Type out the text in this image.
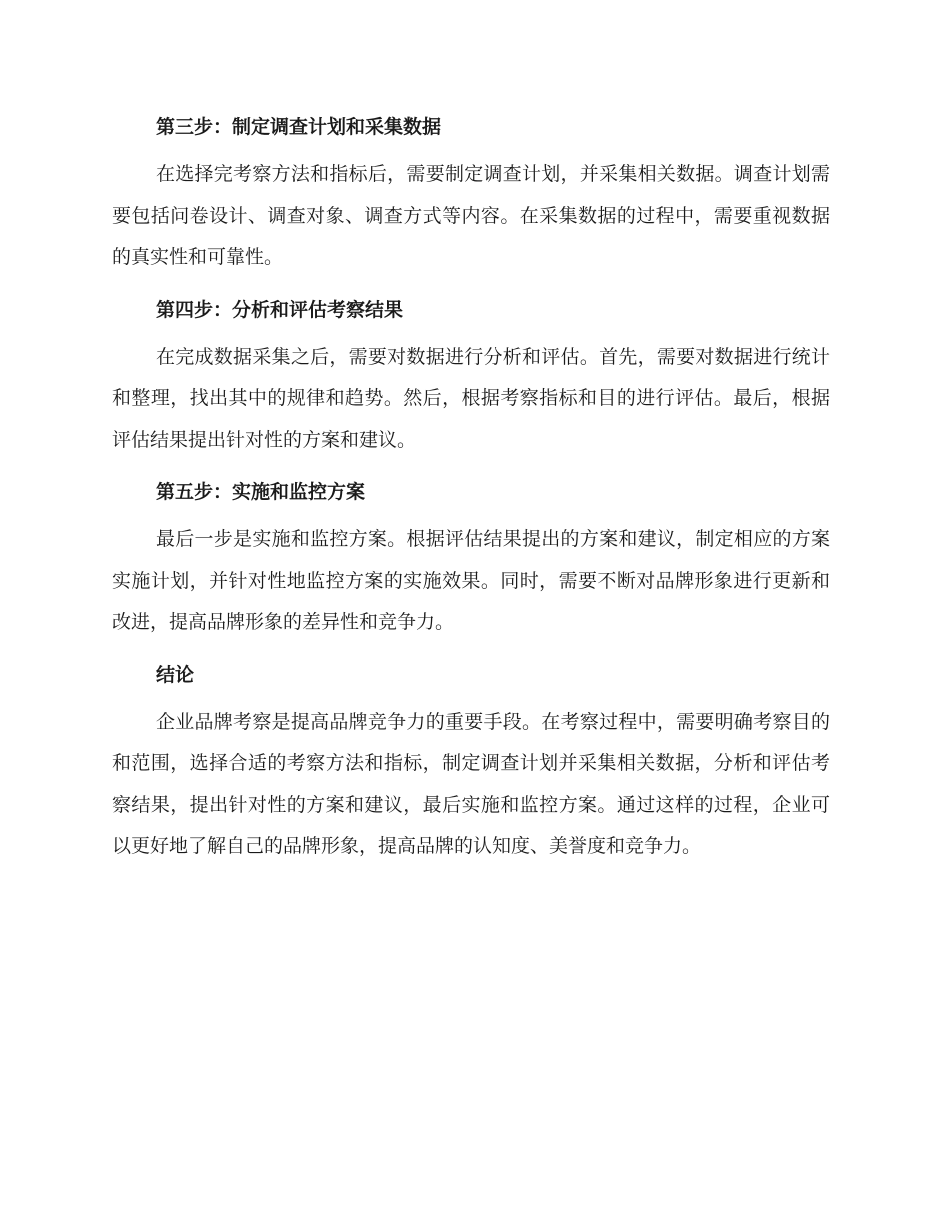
第三步：制定调查计划和采集数据

在选择完考察方法和指标后，需要制定调查计划，并采集相关数据。调查计划需要包括问卷设计、调查对象、调查方式等内容。在采集数据的过程中，需要重视数据的真实性和可靠性。

第四步：分析和评估考察结果

在完成数据采集之后，需要对数据进行分析和评估。首先，需要对数据进行统计和整理，找出其中的规律和趋势。然后，根据考察指标和目的进行评估。最后，根据评估结果提出针对性的方案和建议。

第五步：实施和监控方案

最后一步是实施和监控方案。根据评估结果提出的方案和建议，制定相应的方案实施计划，并针对性地监控方案的实施效果。同时，需要不断对品牌形象进行更新和改进，提高品牌形象的差异性和竞争力。

结论

企业品牌考察是提高品牌竞争力的重要手段。在考察过程中，需要明确考察目的和范围，选择合适的考察方法和指标，制定调查计划并采集相关数据，分析和评估考察结果，提出针对性的方案和建议，最后实施和监控方案。通过这样的过程，企业可以更好地了解自己的品牌形象，提高品牌的认知度、美誉度和竞争力。
